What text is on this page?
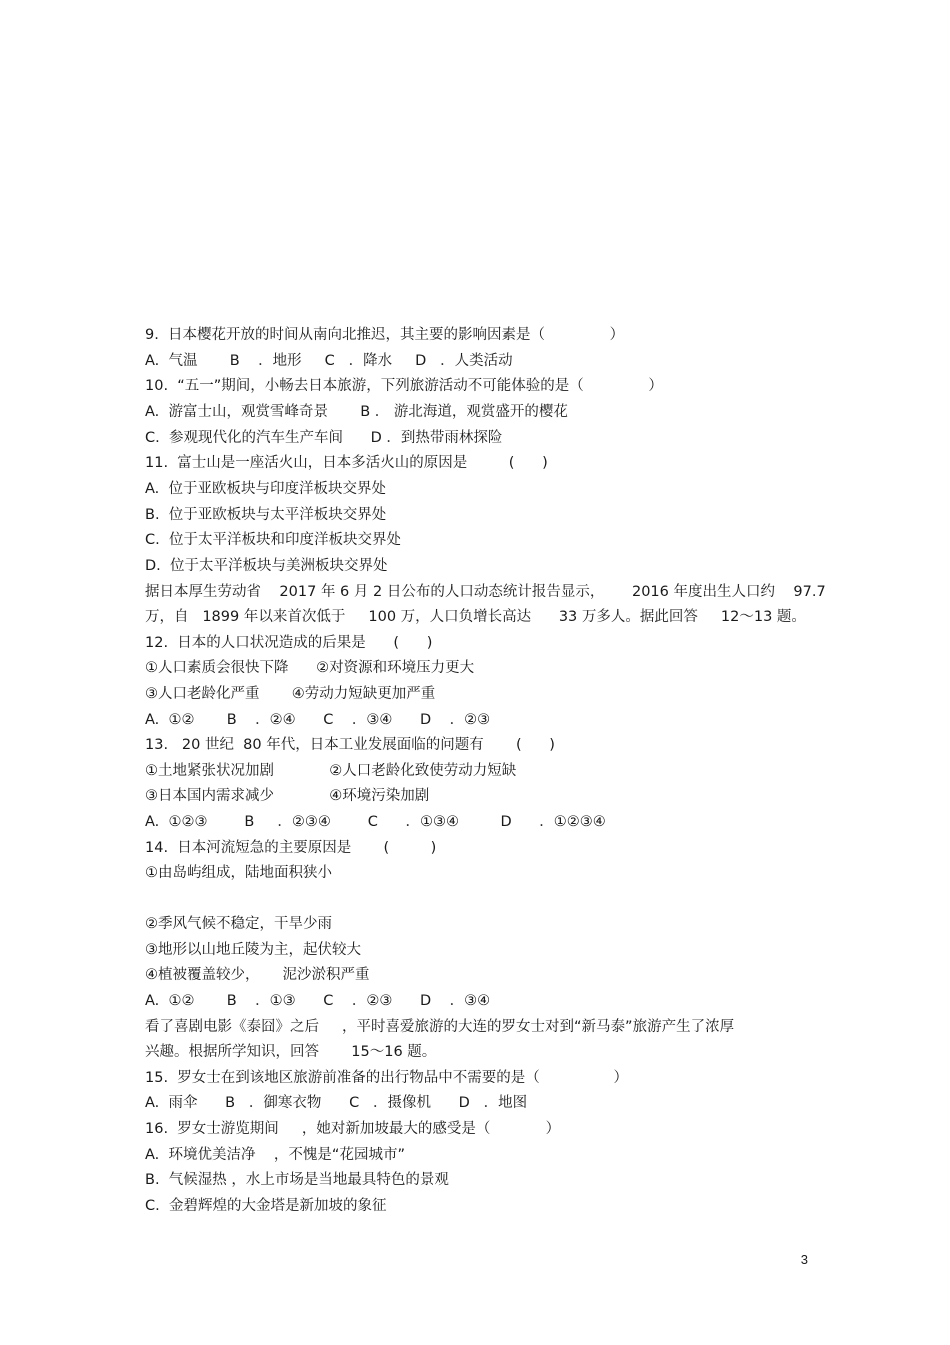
9.  日本樱花开放的时间从南向北推迟，其主要的影响因素是（              ）
A.  气温       B    ．地形     C   ．降水     D   ．人类活动
10.  “五一”期间，小畅去日本旅游，下列旅游活动不可能体验的是（              ）
A.  游富士山，观赏雪峰奇景       B ． 游北海道，观赏盛开的樱花
C.  参观现代化的汽车生产车间      D ．到热带雨林探险
11.  富士山是一座活火山，日本多活火山的原因是         (      )
A.  位于亚欧板块与印度洋板块交界处
B.  位于亚欧板块与太平洋板块交界处
C.  位于太平洋板块和印度洋板块交界处
D.  位于太平洋板块与美洲板块交界处
据日本厚生劳动省    2017 年 6 月 2 日公布的人口动态统计报告显示，      2016 年度出生人口约    97.7
万，自   1899 年以来首次低于     100 万，人口负增长高达      33 万多人。据此回答     12～13 题。
12.  日本的人口状况造成的后果是      (      )
①人口素质会很快下降      ②对资源和环境压力更大
③人口老龄化严重       ④劳动力短缺更加严重
A.  ①②       B    ．②④      C    ．③④      D    ．②③
13.   20 世纪  80 年代，日本工业发展面临的问题有       (      )
①土地紧张状况加剧            ②人口老龄化致使劳动力短缺
③日本国内需求减少            ④环境污染加剧
A.  ①②③        B     ．②③④        C      ．①③④         D      ．①②③④
14.  日本河流短急的主要原因是       (         )
①由岛屿组成，陆地面积狭小
②季风气候不稳定，干旱少雨
③地形以山地丘陵为主，起伏较大
④植被覆盖较少，     泥沙淤积严重
A.  ①②       B    ．①③      C    ．②③      D    ．③④
看了喜剧电影《泰囧》之后     ，平时喜爱旅游的大连的罗女士对到“新马泰”旅游产生了浓厚
兴趣。根据所学知识，回答       15～16 题。
15.  罗女士在到该地区旅游前准备的出行物品中不需要的是（                ）
A.  雨伞      B   ．御寒衣物      C   ．摄像机      D   ．地图
16.  罗女士游览期间     ，她对新加坡最大的感受是（            ）
A.  环境优美洁净    ，不愧是“花园城市”
B.  气候湿热 ，水上市场是当地最具特色的景观
C.  金碧辉煌的大金塔是新加坡的象征
3
